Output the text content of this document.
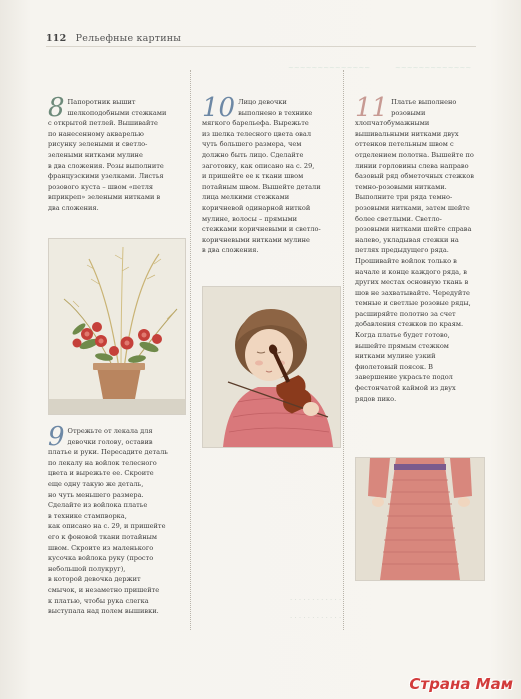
112 Рельефные картины
~~~~~~~~~~~~~~	~~~~~~~~~~~~~
8 Папоротник вышит
шелкоподобными стежками
с открытой петлей. Вышивайте
по нанесенному акварелью
рисунку зелеными и светло-
зелеными нитками мулине
в два сложения. Розы выполните
французскими узелками. Листья
розового куста – швом «петля
вприкреп» зелеными нитками в
два сложения.

9 Отрежьте от лекала для
девочки голову, оставив
платье и руки. Пересадите деталь
по лекалу на войлок телесного
цвета и вырежьте ее. Скроите
еще одну такую же деталь,
но чуть меньшего размера.
Сделайте из войлока платье
в технике стампворка,
как описано на с. 29, и пришейте
его к фоновой ткани потайным
швом. Скроите из маленького
кусочка войлока руку (просто
небольшой полукруг),
в которой девочка держит
смычок, и незаметно пришейте
к платью, чтобы рука слегка
выступала над полем вышивки.

10 Лицо девочки
выполнено в технике
мягкого барельефа. Вырежьте
из шелка телесного цвета овал
чуть большего размера, чем
должно быть лицо. Сделайте
заготовку, как описано на с. 29,
и пришейте ее к ткани швом
потайным швом. Вышейте детали
лица мелкими стежками
коричневой одинарной ниткой
мулине, волосы – прямыми
стежками коричневыми и светло-
коричневыми нитками мулине
в два сложения.

11 Платье выполнено
розовыми
хлопчатобумажными
вышивальными нитками двух
оттенков петельным швом с
отделением полотна. Вышейте по
линии горловины слева направо
базовый ряд обметочных стежков
темно-розовыми нитками.
Выполните три ряда темно-
розовыми нитками, затем шейте
более светлыми. Светло-
розовыми нитками шейте справа
налево, укладывая стежки на
петлях предыдущего ряда.
Прошивайте войлок только в
начале и конце каждого ряда, в
других местах основную ткань в
шов не захватывайте. Чередуйте
темные и светлые розовые ряды,
расширяйте полотно за счет
добавления стежков по краям.
Когда платье будет готово,
вышейте прямым стежком
нитками мулине узкий
фиолетовый поясок. В
завершение украсьте подол
фестончатой каймой из двух
рядов пико.

· · · · · · · · · · · ·
· · · · · · · · · · · ·
Страна Мам
